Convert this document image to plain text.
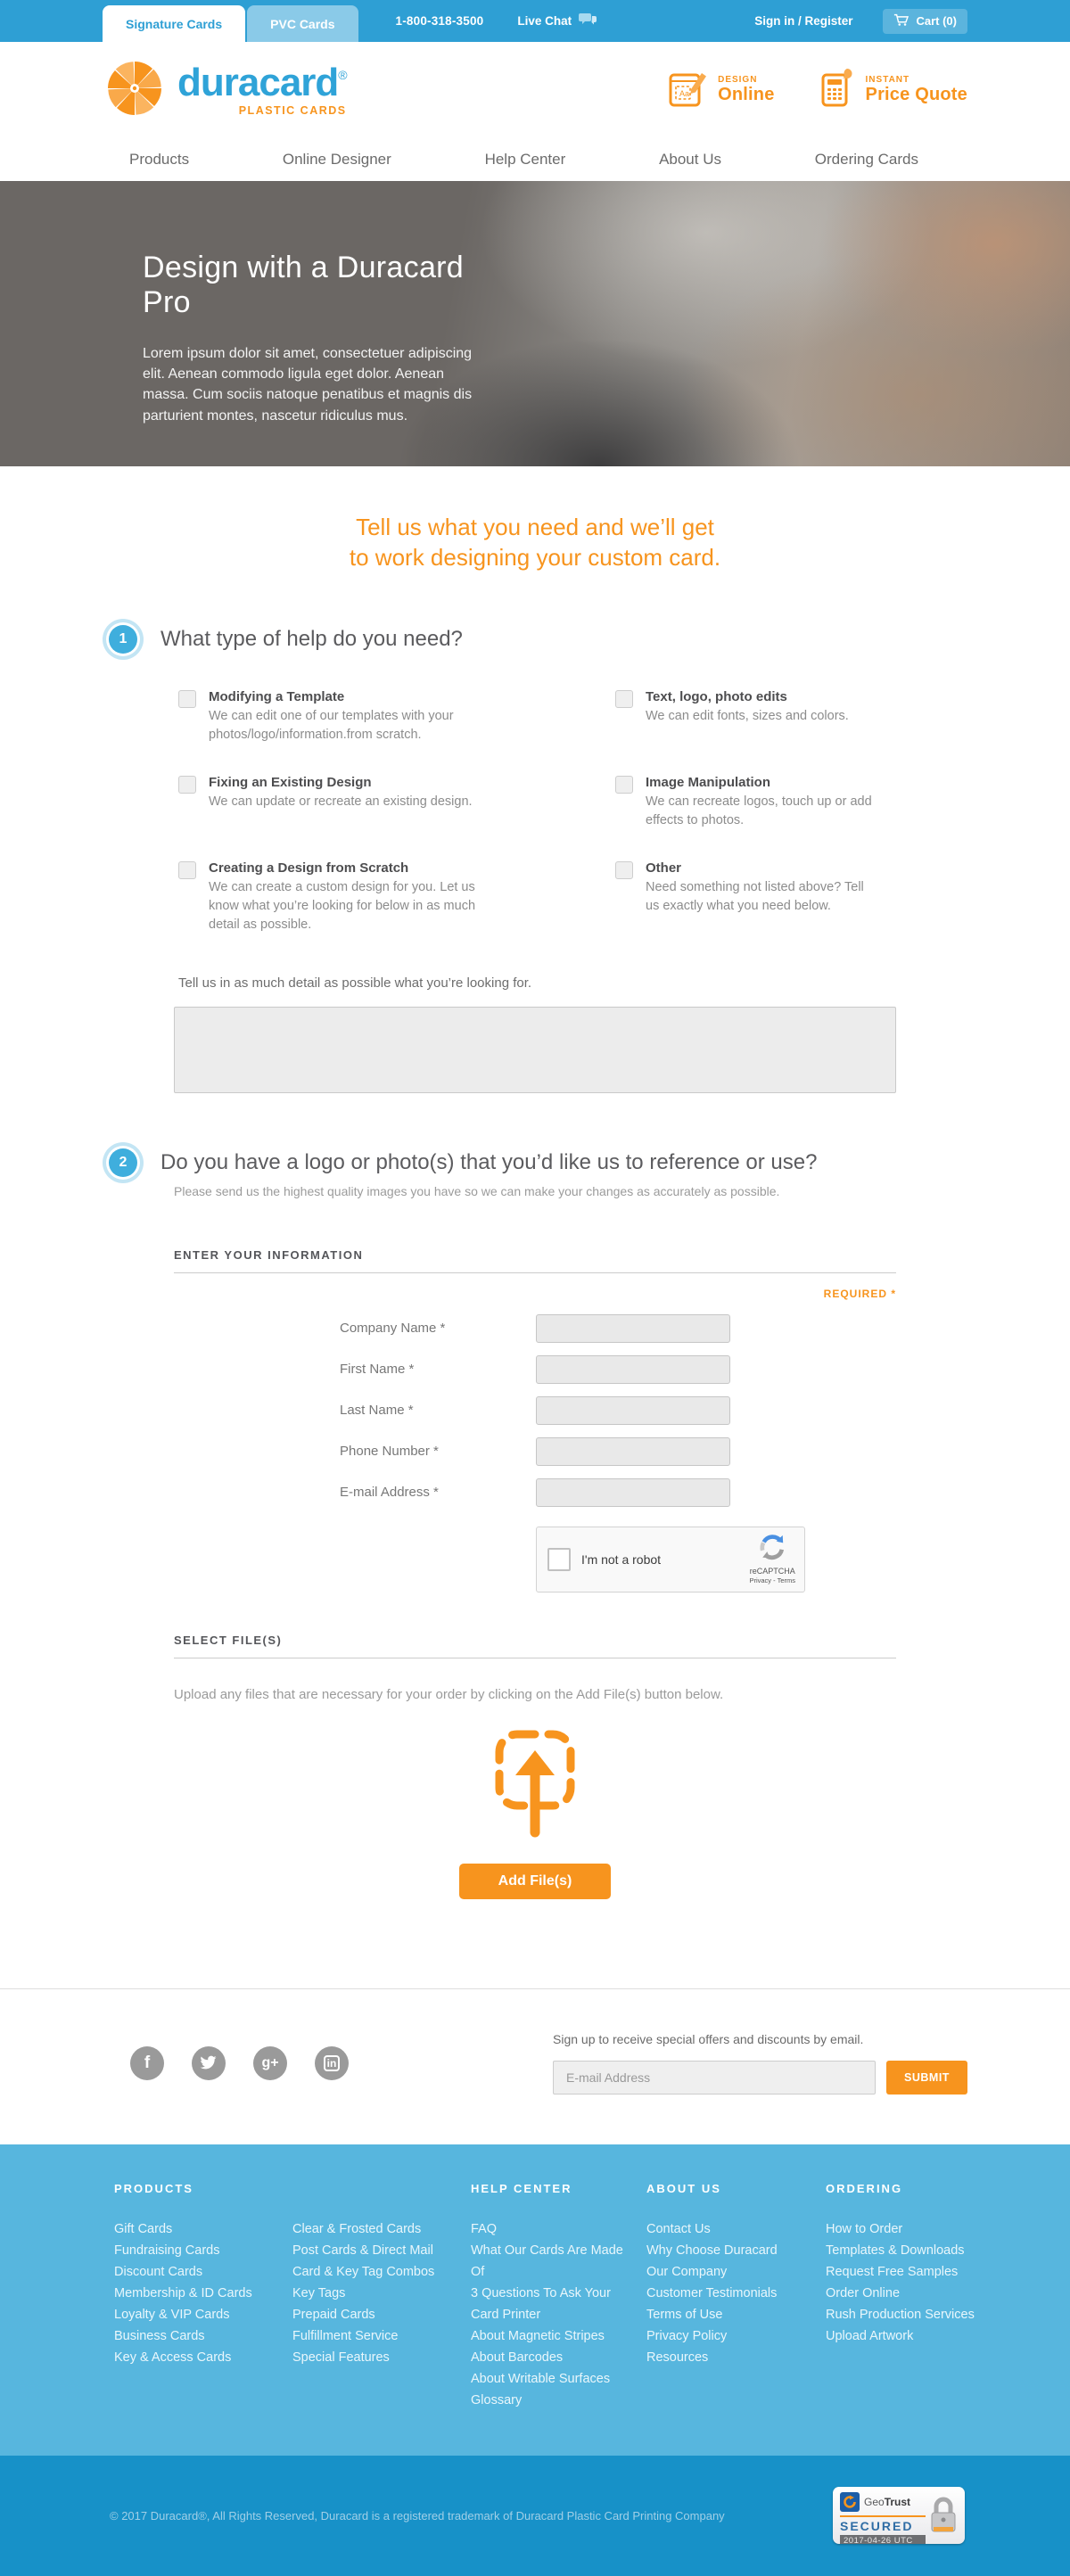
Signature Cards	PVC Cards	1-800-318-3500	Live Chat	Sign in / Register	Cart (0)
duracard®
PLASTIC CARDS
Aa
DESIGN
Online
INSTANT
Price Quote
Products	Online Designer	Help Center	About Us	Ordering Cards
Design with a Duracard Pro

Lorem ipsum dolor sit amet, consectetuer adipiscing elit. Aenean commodo ligula eget dolor. Aenean massa. Cum sociis natoque penatibus et magnis dis parturient montes, nascetur ridiculus mus.

Tell us what you need and we’ll get
to work designing your custom card.
1	What type of help do you need?
Modifying a Template
We can edit one of our templates with your photos/logo/information.from scratch.
Text, logo, photo edits
We can edit fonts, sizes and colors.
Fixing an Existing Design
We can update or recreate an existing design.
Image Manipulation
We can recreate logos, touch up or add effects to photos.
Creating a Design from Scratch
We can create a custom design for you. Let us know what you’re looking for below in as much detail as possible.
Other
Need something not listed above? Tell us exactly what you need below.
Tell us in as much detail as possible what you’re looking for.
2	Do you have a logo or photo(s) that you’d like us to reference or use?
Please send us the highest quality images you have so we can make your changes as accurately as possible.
ENTER YOUR INFORMATION
REQUIRED *
Company Name *
First Name *
Last Name *
Phone Number *
E-mail Address *
I'm not a robot
reCAPTCHA
Privacy - Terms
SELECT FILE(S)
Upload any files that are necessary for your order by clicking on the Add File(s) button below.
Add File(s)
f	g+	in
Sign up to receive special offers and discounts by email.
E-mail Address
SUBMIT
PRODUCTS
Gift Cards
Fundraising Cards
Discount Cards
Membership & ID Cards
Loyalty & VIP Cards
Business Cards
Key & Access Cards
Clear & Frosted Cards
Post Cards & Direct Mail
Card & Key Tag Combos
Key Tags
Prepaid Cards
Fulfillment Service
Special Features
HELP CENTER
FAQ
What Our Cards Are Made Of
3 Questions To Ask Your Card Printer
About Magnetic Stripes
About Barcodes
About Writable Surfaces
Glossary
ABOUT US
Contact Us
Why Choose Duracard
Our Company
Customer Testimonials
Terms of Use
Privacy Policy
Resources
ORDERING
How to Order
Templates & Downloads
Request Free Samples
Order Online
Rush Production Services
Upload Artwork
© 2017 Duracard®, All Rights Reserved, Duracard is a registered trademark of Duracard Plastic Card Printing Company
GeoTrust
SECURED
2017-04-26 UTC
